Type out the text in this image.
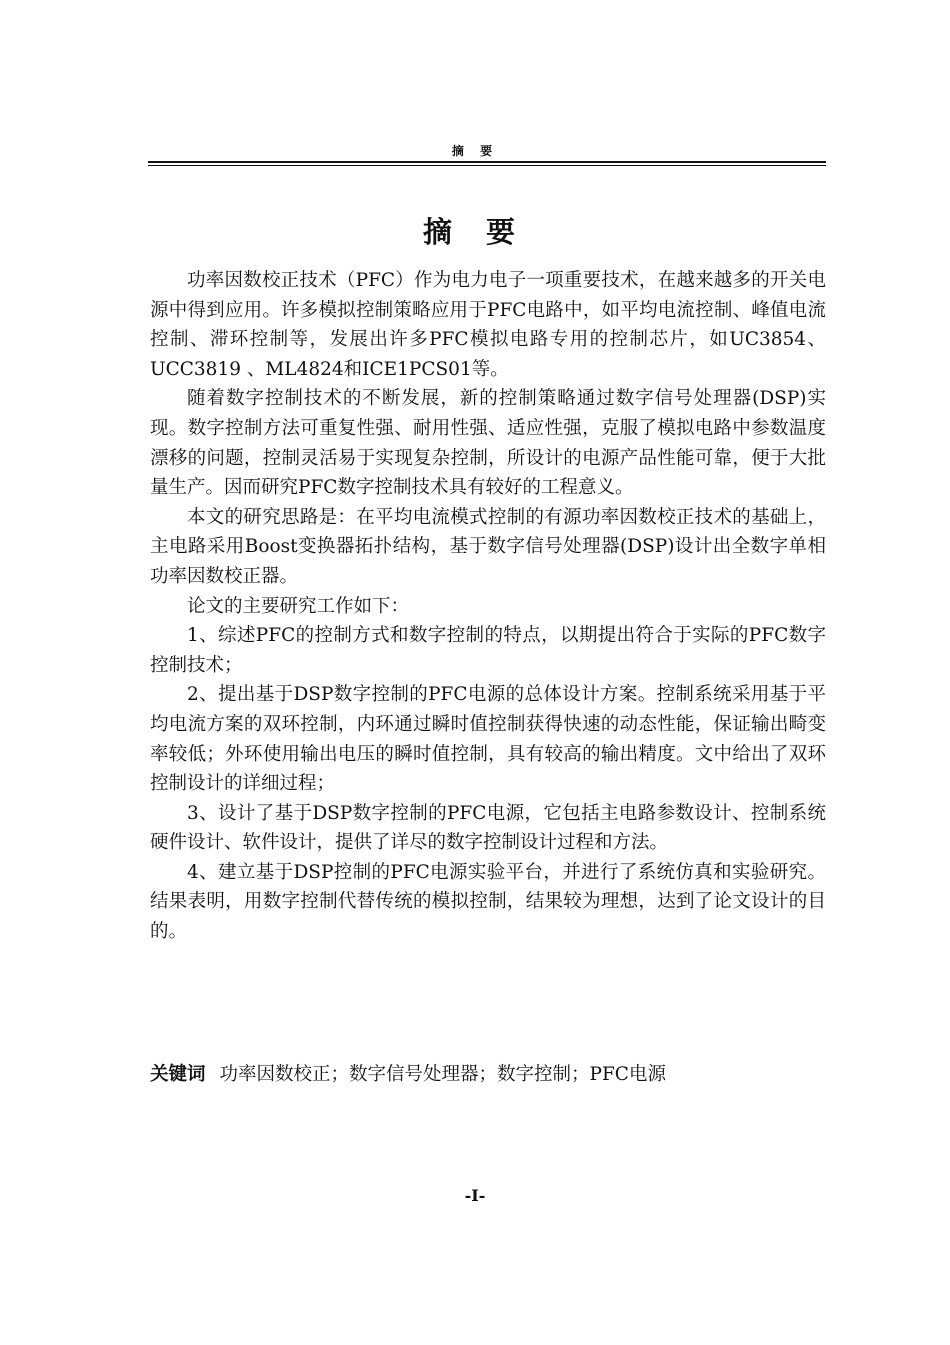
摘 要
摘 要

功率因数校正技术（PFC）作为电力电子一项重要技术，在越来越多的开关电源中得到应用。许多模拟控制策略应用于PFC电路中，如平均电流控制、峰值电流控制、滞环控制等，发展出许多PFC模拟电路专用的控制芯片，如UC3854、UCC3819 、ML4824和ICE1PCS01等。

随着数字控制技术的不断发展，新的控制策略通过数字信号处理器(DSP)实现。数字控制方法可重复性强、耐用性强、适应性强，克服了模拟电路中参数温度漂移的问题，控制灵活易于实现复杂控制，所设计的电源产品性能可靠，便于大批量生产。因而研究PFC数字控制技术具有较好的工程意义。

本文的研究思路是：在平均电流模式控制的有源功率因数校正技术的基础上，主电路采用Boost变换器拓扑结构，基于数字信号处理器(DSP)设计出全数字单相功率因数校正器。

论文的主要研究工作如下：

1、综述PFC的控制方式和数字控制的特点，以期提出符合于实际的PFC数字控制技术；

2、提出基于DSP数字控制的PFC电源的总体设计方案。控制系统采用基于平均电流方案的双环控制，内环通过瞬时值控制获得快速的动态性能，保证输出畸变率较低；外环使用输出电压的瞬时值控制，具有较高的输出精度。文中给出了双环控制设计的详细过程；

3、设计了基于DSP数字控制的PFC电源，它包括主电路参数设计、控制系统硬件设计、软件设计，提供了详尽的数字控制设计过程和方法。

4、建立基于DSP控制的PFC电源实验平台，并进行了系统仿真和实验研究。结果表明，用数字控制代替传统的模拟控制，结果较为理想，达到了论文设计的目的。

关键词 功率因数校正；数字信号处理器；数字控制；PFC电源
-I-
